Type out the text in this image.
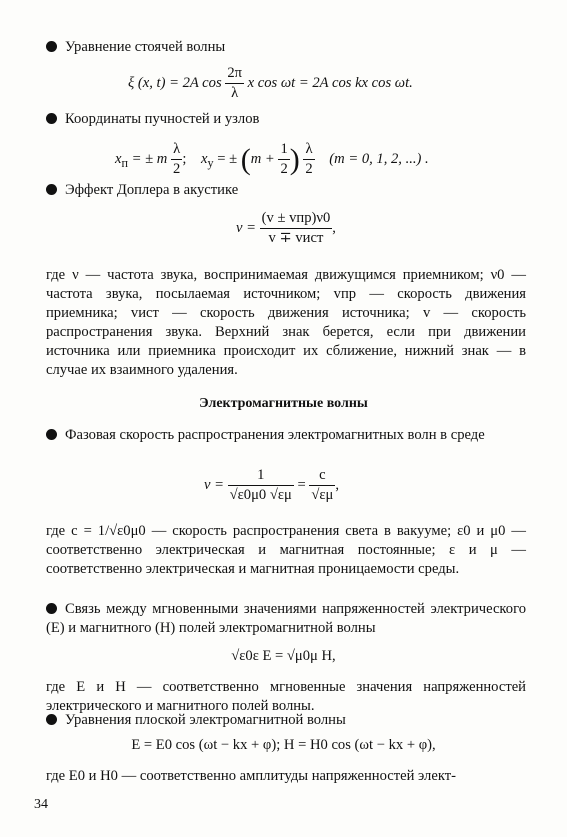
Уравнение стоячей волны
ξ (x, t) = 2A $\cos \frac{2\pi}{\lambda}$ x cos ωt = 2A cos kx cos ωt.
Координаты пучностей и узлов
$x_п$ = ± m $\frac{\lambda}{2}$ ; $x_у$ = ± ($m + \frac{1}{2}$ ) $\frac{\lambda}{2} (m = 0$, 1, 2, ...) .
Эффект Доплера в акустике
$\nu = \frac{\text{(v ± vпр)ν0}}{\text{v ∓ vист}}$ ,
где ν — частота звука, воспринимаемая движущимся приемником; ν0 — частота звука, посылаемая источником; vпр — скорость движения приемника; vист — скорость движения источника; v — скорость распространения звука. Верхний знак берется, если при движении источника или приемника происходит их сближение, нижний знак — в случае их взаимного удаления.
Электромагнитные волны
Фазовая скорость распространения электромагнитных волн в среде
$v = \frac{1}{√\varepsilon 0\mu 0 √\varepsilon\mu} = \frac{c}{√\varepsilon\mu}$ ,
где c = 1/√ε0μ0 — скорость распространения света в вакууме; ε0 и μ0 — соответственно электрическая и магнитная постоянные; ε и μ — соответственно электрическая и магнитная проницаемости среды.
Связь между мгновенными значениями напряженностей электрического (E) и магнитного (H) полей электромагнитной волны
√ε0ε E = √μ0μ H,
где E и H — соответственно мгновенные значения напряженностей электрического и магнитного полей волны.
Уравнения плоской электромагнитной волны
E = E0 cos (ωt − kx + φ); H = H0 cos (ωt − kx + φ),
где E0 и H0 — соответственно амплитуды напряженностей элект-
34
